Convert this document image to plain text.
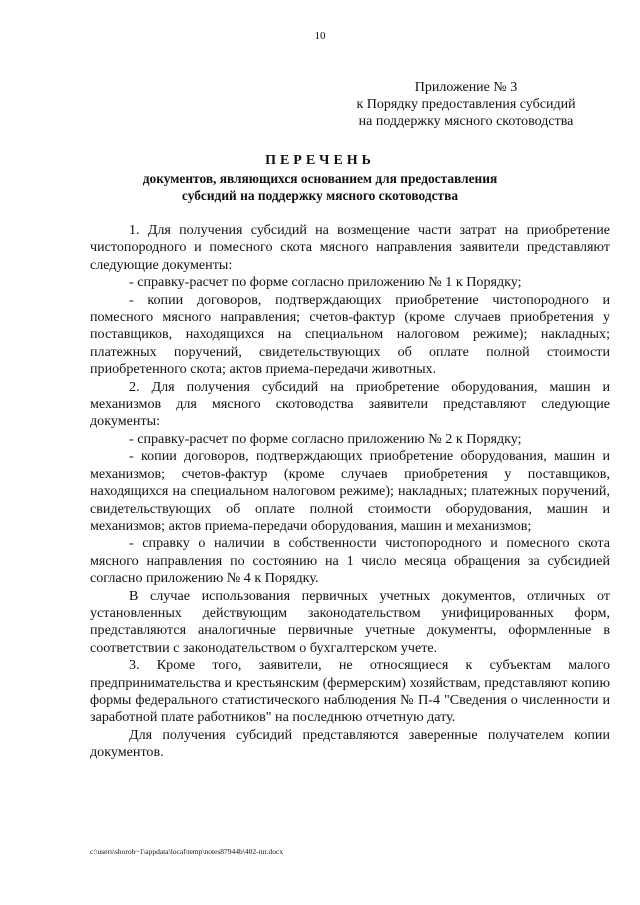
10
Приложение № 3
к Порядку предоставления субсидий
на поддержку мясного скотоводства
ПЕРЕЧЕНЬ
документов, являющихся основанием для предоставления
субсидий на поддержку мясного скотоводства

1. Для получения субсидий на возмещение части затрат на приобретение чистопородного и помесного скота мясного направления заявители представляют следующие документы:

- справку-расчет по форме согласно приложению № 1 к Порядку;

- копии договоров, подтверждающих приобретение чистопородного и помесного мясного направления; счетов-фактур (кроме случаев приобретения у поставщиков, находящихся на специальном налоговом режиме); накладных; платежных поручений, свидетельствующих об оплате полной стоимости приобретенного скота; актов приема-передачи животных.

2. Для получения субсидий на приобретение оборудования, машин и механизмов для мясного скотоводства заявители представляют следующие документы:

- справку-расчет по форме согласно приложению № 2 к Порядку;

- копии договоров, подтверждающих приобретение оборудования, машин и механизмов; счетов-фактур (кроме случаев приобретения у поставщиков, находящихся на специальном налоговом режиме); накладных; платежных поручений, свидетельствующих об оплате полной стоимости оборудования, машин и механизмов; актов приема-передачи оборудования, машин и механизмов;

- справку о наличии в собственности чистопородного и помесного скота мясного направления по состоянию на 1 число месяца обращения за субсидией согласно приложению № 4 к Порядку.

В случае использования первичных учетных документов, отличных от установленных действующим законодательством унифицированных форм, представляются аналогичные первичные учетные документы, оформленные в соответствии с законодательством о бухгалтерском учете.

3. Кроме того, заявители, не относящиеся к субъектам малого предпринимательства и крестьянским (фермерским) хозяйствам, представляют копию формы федерального статистического наблюдения № П-4 "Сведения о численности и заработной плате работников" на последнюю отчетную дату.

Для получения субсидий представляются заверенные получателем копии документов.

c:\users\shoroh~1\appdata\local\temp\notes87944b\402-пп.docx
